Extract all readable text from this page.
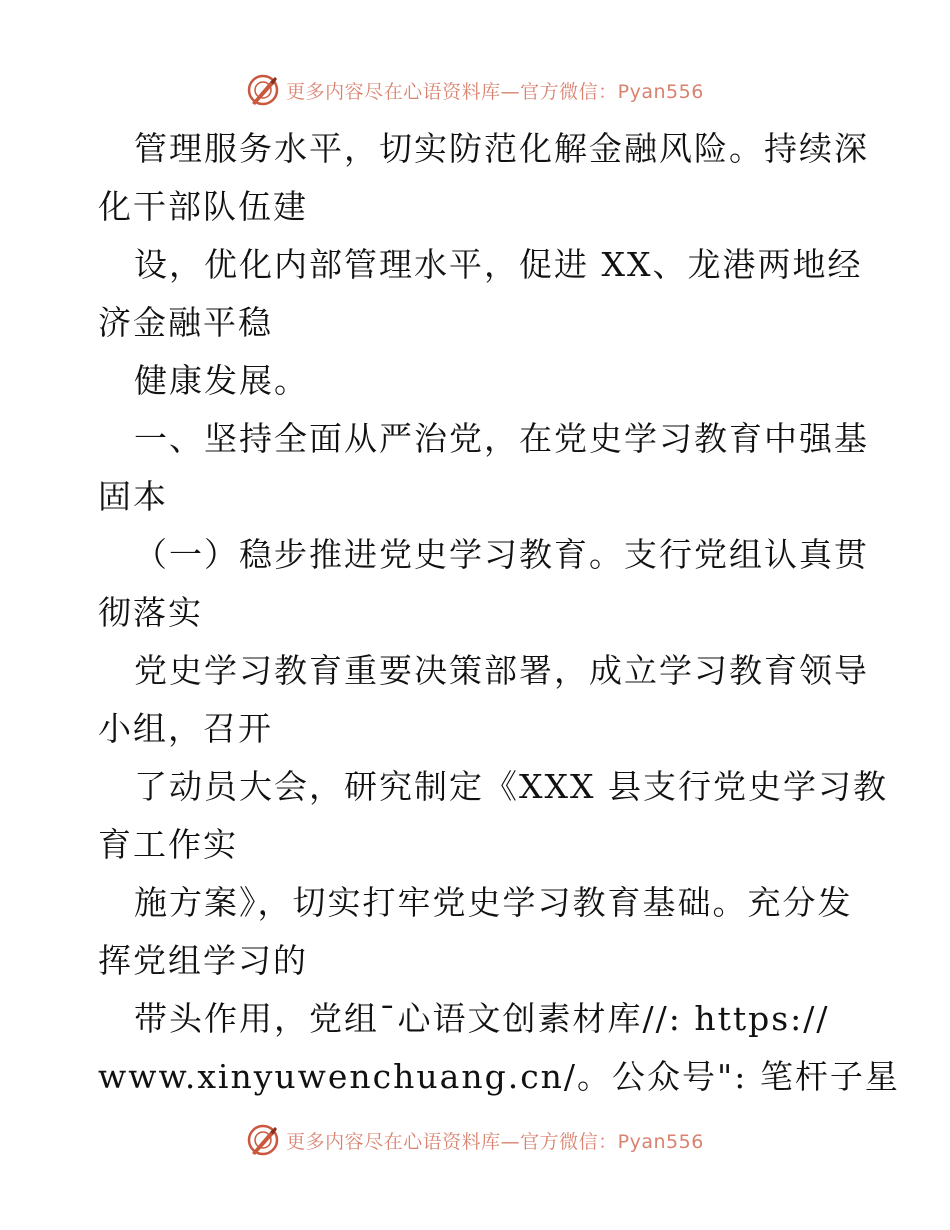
更多内容尽在心语资料库—官方微信：Pyan556
管理服务水平，切实防范化解金融风险。持续深
化干部队伍建
设，优化内部管理水平，促进 XX、龙港两地经
济金融平稳
健康发展。
一、坚持全面从严治党，在党史学习教育中强基
固本
（一）稳步推进党史学习教育。支行党组认真贯
彻落实
党史学习教育重要决策部署，成立学习教育领导
小组，召开
了动员大会，研究制定《XXX 县支行党史学习教
育工作实
施方案》，切实打牢党史学习教育基础。充分发
挥党组学习的
带头作用，党组¯心语文创素材库//: https://
www.xinyuwenchuang.cn/。公众号": 笔杆子星
更多内容尽在心语资料库—官方微信：Pyan556
